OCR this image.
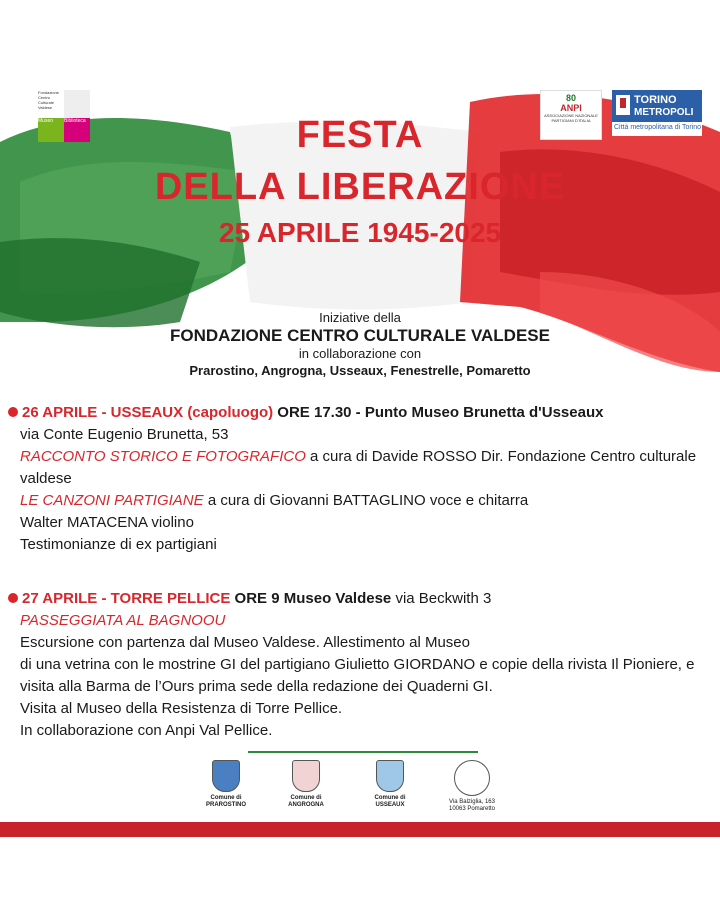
Fondazione Centro Culturale Valdese
Museo	Biblioteca
80
ANPI
ASSOCIAZIONE NAZIONALE PARTIGIANI D'ITALIA
TORINO
METROPOLI
Città metropolitana di Torino
FESTA
DELLA LIBERAZIONE
25 APRILE 1945-2025
Iniziative della
FONDAZIONE CENTRO CULTURALE VALDESE
in collaborazione con
Prarostino, Angrogna, Usseaux, Fenestrelle, Pomaretto
26 APRILE - USSEAUX (capoluogo) ORE 17.30 - Punto Museo Brunetta d'Usseaux
via Conte Eugenio Brunetta, 53
RACCONTO STORICO E FOTOGRAFICO a cura di Davide ROSSO Dir. Fondazione Centro culturale valdese
LE CANZONI PARTIGIANE a cura di Giovanni BATTAGLINO voce e chitarra
Walter MATACENA violino
Testimonianze di ex partigiani
27 APRILE - TORRE PELLICE ORE 9 Museo Valdese via Beckwith 3
PASSEGGIATA AL BAGNOOU
Escursione con partenza dal Museo Valdese. Allestimento al Museo
di una vetrina con le mostrine GI del partigiano Giulietto GIORDANO e copie della rivista Il Pioniere, e visita alla Barma de l’Ours prima sede della redazione dei Quaderni GI.
Visita al Museo della Resistenza di Torre Pellice.
In collaborazione con Anpi Val Pellice.
Comune di
PRAROSTINO
Comune di
ANGROGNA
Comune di
USSEAUX	Via Balziglia, 163
10063 Pomaretto
